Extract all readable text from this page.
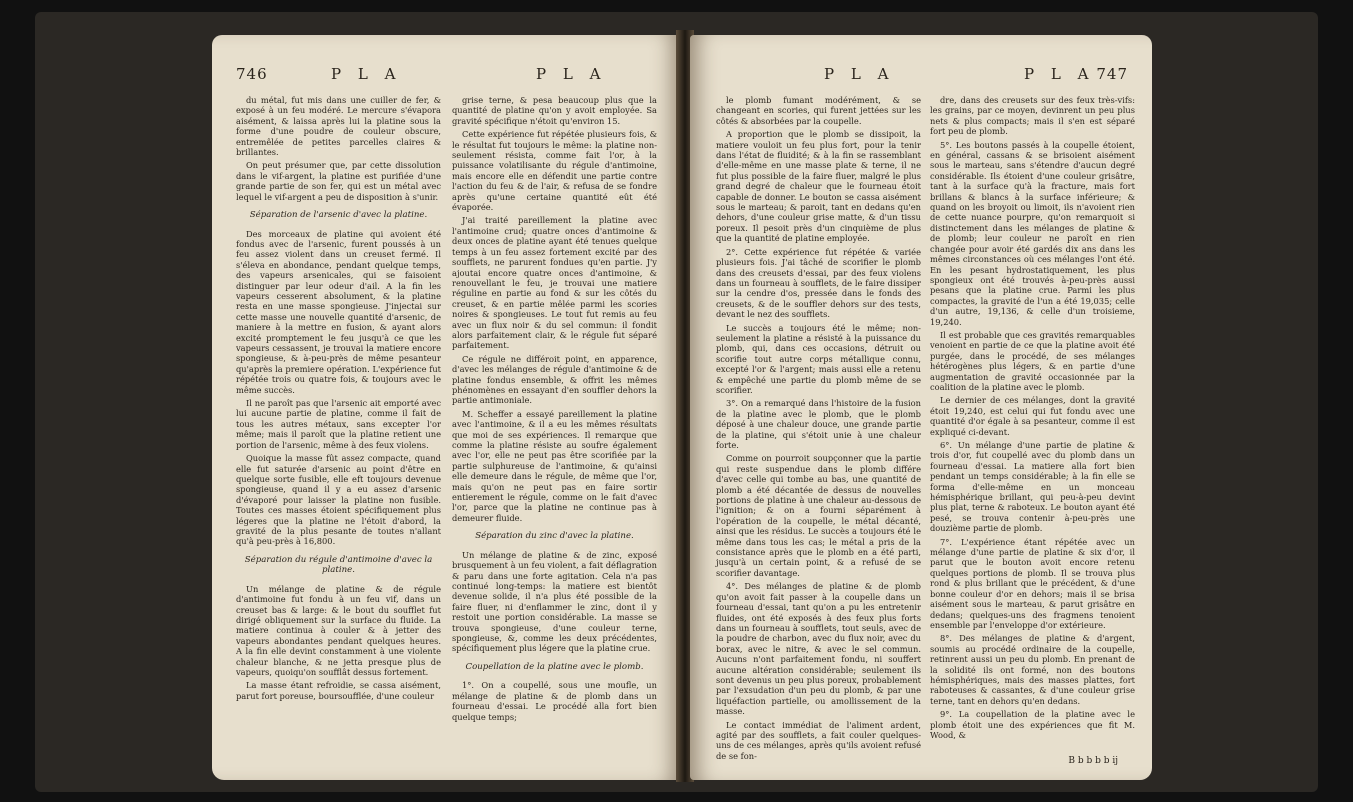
746	P L A	P L A

du métal, fut mis dans une cuiller de fer, & exposé à un feu modéré. Le mercure s'évapora aisément, & laissa après lui la platine sous la forme d'une poudre de couleur obscure, entremêlée de petites parcelles claires & brillantes.

On peut présumer que, par cette dissolution dans le vif-argent, la platine est purifiée d'une grande partie de son fer, qui est un métal avec lequel le vif-argent a peu de disposition à s'unir.

Séparation de l'arsenic d'avec la platine.

Des morceaux de platine qui avoient été fondus avec de l'arsenic, furent poussés à un feu assez violent dans un creuset fermé. Il s'éleva en abondance, pendant quelque temps, des vapeurs arsenicales, qui se faisoient distinguer par leur odeur d'ail. A la fin les vapeurs cesserent absolument, & la platine resta en une masse spongieuse. J'injectai sur cette masse une nouvelle quantité d'arsenic, de maniere à la mettre en fusion, & ayant alors excité promptement le feu jusqu'à ce que les vapeurs cessassent, je trouvai la matiere encore spongieuse, & à-peu-près de même pesanteur qu'après la premiere opération. L'expérience fut répétée trois ou quatre fois, & toujours avec le même succès.

Il ne paroît pas que l'arsenic ait emporté avec lui aucune partie de platine, comme il fait de tous les autres métaux, sans excepter l'or même; mais il paroît que la platine retient une portion de l'arsenic, même à des feux violens.

Quoique la masse fût assez compacte, quand elle fut saturée d'arsenic au point d'être en quelque sorte fusible, elle eft toujours devenue spongieuse, quand il y a eu assez d'arsenic d'évaporé pour laisser la platine non fusible. Toutes ces masses étoient spécifiquement plus légeres que la platine ne l'étoit d'abord, la gravité de la plus pesante de toutes n'allant qu'à peu-près à 16,800.

Séparation du régule d'antimoine d'avec la platine.

Un mélange de platine & de régule d'antimoine fut fondu à un feu vif, dans un creuset bas & large: & le bout du soufflet fut dirigé obliquement sur la surface du fluide. La matiere continua à couler & à jetter des vapeurs abondantes pendant quelques heures. A la fin elle devint constamment à une violente chaleur blanche, & ne jetta presque plus de vapeurs, quoiqu'on soufflât dessus fortement.

La masse étant refroidie, se cassa aisément, parut fort poreuse, boursoufflée, d'une couleur

grise terne, & pesa beaucoup plus que la quantité de platine qu'on y avoit employée. Sa gravité spécifique n'étoit qu'environ 15.

Cette expérience fut répétée plusieurs fois, & le résultat fut toujours le même: la platine non-seulement résista, comme fait l'or, à la puissance volatilisante du régule d'antimoine, mais encore elle en défendit une partie contre l'action du feu & de l'air, & refusa de se fondre après qu'une certaine quantité eût été évaporée.

J'ai traité pareillement la platine avec l'antimoine crud; quatre onces d'antimoine & deux onces de platine ayant été tenues quelque temps à un feu assez fortement excité par des soufflets, ne parurent fondues qu'en partie. J'y ajoutai encore quatre onces d'antimoine, & renouvellant le feu, je trouvai une matiere réguline en partie au fond & sur les côtés du creuset, & en partie mêlée parmi les scories noires & spongieuses. Le tout fut remis au feu avec un flux noir & du sel commun: il fondit alors parfaitement clair, & le régule fut séparé parfaitement.

Ce régule ne différoit point, en apparence, d'avec les mélanges de régule d'antimoine & de platine fondus ensemble, & offrit les mêmes phénomènes en essayant d'en souffler dehors la partie antimoniale.

M. Scheffer a essayé pareillement la platine avec l'antimoine, & il a eu les mêmes résultats que moi de ses expériences. Il remarque que comme la platine résiste au soufre également avec l'or, elle ne peut pas être scorifiée par la partie sulphureuse de l'antimoine, & qu'ainsi elle demeure dans le régule, de même que l'or, mais qu'on ne peut pas en faire sortir entierement le régule, comme on le fait d'avec l'or, parce que la platine ne continue pas à demeurer fluide.

Séparation du zinc d'avec la platine.

Un mélange de platine & de zinc, exposé brusquement à un feu violent, a fait déflagration & paru dans une forte agitation. Cela n'a pas continué long-temps: la matiere est bientôt devenue solide, il n'a plus été possible de la faire fluer, ni d'enflammer le zinc, dont il y restoit une portion considérable. La masse se trouva spongieuse, d'une couleur terne, spongieuse, &, comme les deux précédentes, spécifiquement plus légere que la platine crue.

Coupellation de la platine avec le plomb.

1°. On a coupellé, sous une moufle, un mélange de platine & de plomb dans un fourneau d'essai. Le procédé alla fort bien quelque temps;

P L A	P L A 747

le plomb fumant modérément, & se changeant en scories, qui furent jettées sur les côtés & absorbées par la coupelle.

A proportion que le plomb se dissipoit, la matiere vouloit un feu plus fort, pour la tenir dans l'état de fluidité; & à la fin se rassemblant d'elle-même en une masse plate & terne, il ne fut plus possible de la faire fluer, malgré le plus grand degré de chaleur que le fourneau étoit capable de donner. Le bouton se cassa aisément sous le marteau; & paroit, tant en dedans qu'en dehors, d'une couleur grise matte, & d'un tissu poreux. Il pesoit près d'un cinquième de plus que la quantité de platine employée.

2°. Cette expérience fut répétée & variée plusieurs fois. J'ai tâché de scorifier le plomb dans des creusets d'essai, par des feux violens dans un fourneau à soufflets, de le faire dissiper sur la cendre d'os, pressée dans le fonds des creusets, & de le souffler dehors sur des tests, devant le nez des soufflets.

Le succès a toujours été le même; non-seulement la platine a résisté à la puissance du plomb, qui, dans ces occasions, détruit ou scorifie tout autre corps métallique connu, excepté l'or & l'argent; mais aussi elle a retenu & empêché une partie du plomb même de se scorifier.

3°. On a remarqué dans l'histoire de la fusion de la platine avec le plomb, que le plomb déposé à une chaleur douce, une grande partie de la platine, qui s'étoit unie à une chaleur forte.

Comme on pourroit soupçonner que la partie qui reste suspendue dans le plomb différe d'avec celle qui tombe au bas, une quantité de plomb a été décantée de dessus de nouvelles portions de platine à une chaleur au-dessous de l'ignition; & on a fourni séparément à l'opération de la coupelle, le métal décanté, ainsi que les résidus. Le succès a toujours été le même dans tous les cas; le métal a pris de la consistance après que le plomb en a été parti, jusqu'à un certain point, & a refusé de se scorifier davantage.

4°. Des mélanges de platine & de plomb qu'on avoit fait passer à la coupelle dans un fourneau d'essai, tant qu'on a pu les entretenir fluides, ont été exposés à des feux plus forts dans un fourneau à soufflets, tout seuls, avec de la poudre de charbon, avec du flux noir, avec du borax, avec le nitre, & avec le sel commun. Aucuns n'ont parfaitement fondu, ni souffert aucune altération considérable; seulement ils sont devenus un peu plus poreux, probablement par l'exsudation d'un peu du plomb, & par une liquéfaction partielle, ou amollissement de la masse.

Le contact immédiat de l'aliment ardent, agité par des soufflets, a fait couler quelques-uns de ces mélanges, après qu'ils avoient refusé de se fon-

dre, dans des creusets sur des feux très-vifs: les grains, par ce moyen, devinrent un peu plus nets & plus compacts; mais il s'en est séparé fort peu de plomb.

5°. Les boutons passés à la coupelle étoient, en général, cassans & se brisoient aisément sous le marteau, sans s'étendre d'aucun degré considérable. Ils étoient d'une couleur grisâtre, tant à la surface qu'à la fracture, mais fort brillans & blancs à la surface inférieure; & quand on les broyoit ou limoit, ils n'avoient rien de cette nuance pourpre, qu'on remarquoit si distinctement dans les mélanges de platine & de plomb; leur couleur ne paroît en rien changée pour avoir été gardés dix ans dans les mêmes circonstances où ces mélanges l'ont été. En les pesant hydrostatiquement, les plus spongieux ont été trouvés à-peu-près aussi pesans que la platine crue. Parmi les plus compactes, la gravité de l'un a été 19,035; celle d'un autre, 19,136, & celle d'un troisieme, 19,240.

Il est probable que ces gravités remarquables venoient en partie de ce que la platine avoit été purgée, dans le procédé, de ses mélanges hétérogènes plus légers, & en partie d'une augmentation de gravité occasionnée par la coalition de la platine avec le plomb.

Le dernier de ces mélanges, dont la gravité étoit 19,240, est celui qui fut fondu avec une quantité d'or égale à sa pesanteur, comme il est expliqué ci-devant.

6°. Un mélange d'une partie de platine & trois d'or, fut coupellé avec du plomb dans un fourneau d'essai. La matiere alla fort bien pendant un temps considérable; à la fin elle se forma d'elle-même en un monceau hémisphérique brillant, qui peu-à-peu devint plus plat, terne & raboteux. Le bouton ayant été pesé, se trouva contenir à-peu-près une douzième partie de plomb.

7°. L'expérience étant répétée avec un mélange d'une partie de platine & six d'or, il parut que le bouton avoit encore retenu quelques portions de plomb. Il se trouva plus rond & plus brillant que le précédent, & d'une bonne couleur d'or en dehors; mais il se brisa aisément sous le marteau, & parut grisâtre en dedans; quelques-uns des fragmens tenoient ensemble par l'enveloppe d'or extérieure.

8°. Des mélanges de platine & d'argent, soumis au procédé ordinaire de la coupelle, retinrent aussi un peu du plomb. En prenant de la solidité ils ont formé, non des boutons hémisphériques, mais des masses plattes, fort raboteuses & cassantes, & d'une couleur grise terne, tant en dehors qu'en dedans.

9°. La coupellation de la platine avec le plomb étoit une des expériences que fit M. Wood, &

B b b b b ij
